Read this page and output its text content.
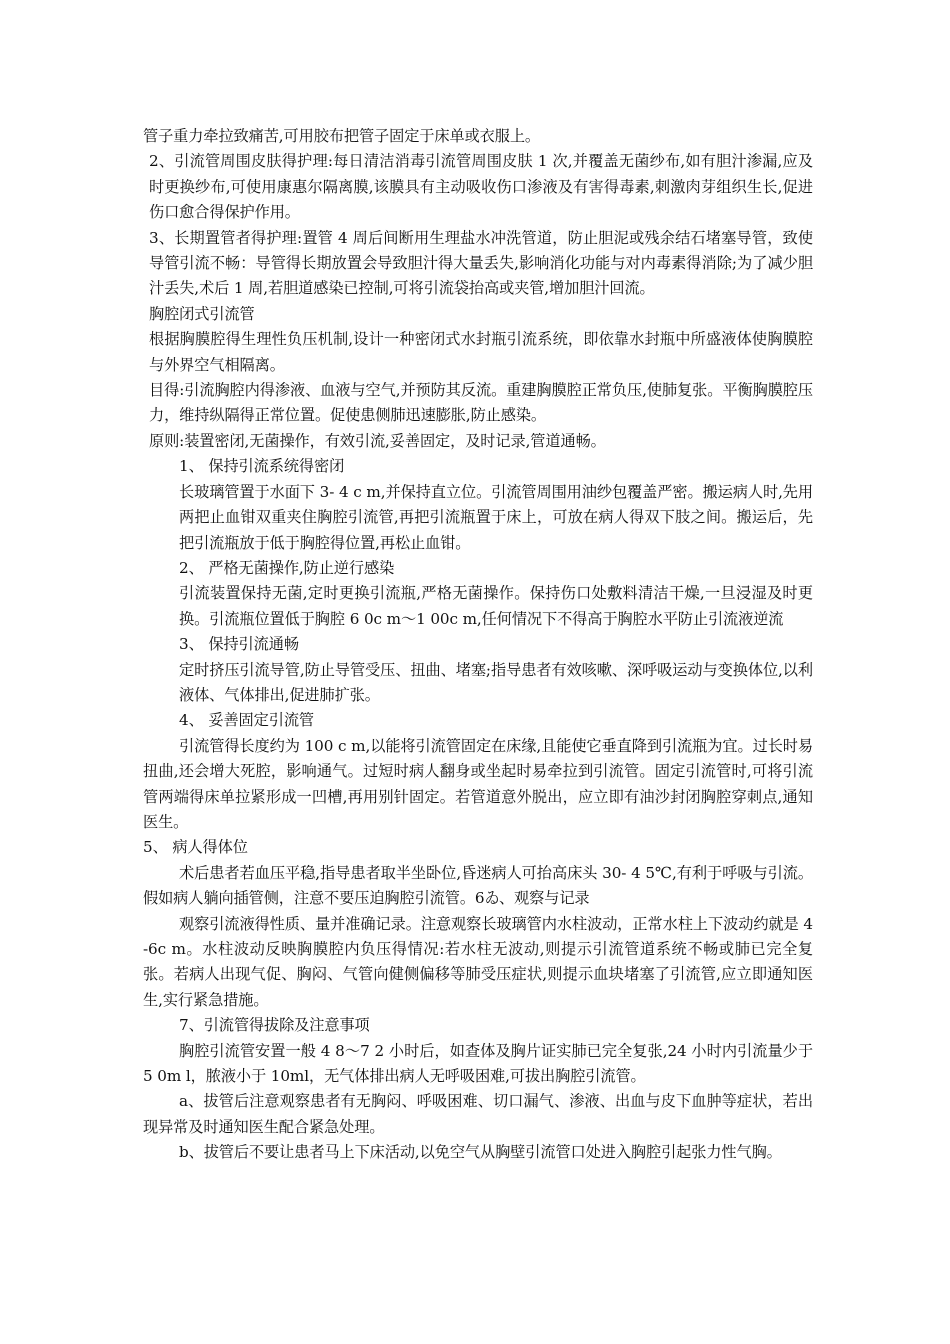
管子重力牵拉致痛苦,可用胶布把管子固定于床单或衣服上。

2、引流管周围皮肤得护理:每日清洁消毒引流管周围皮肤 1 次,并覆盖无菌纱布,如有胆汁渗漏,应及时更换纱布,可使用康惠尔隔离膜,该膜具有主动吸收伤口渗液及有害得毒素,刺激肉芽组织生长,促进伤口愈合得保护作用。

3、长期置管者得护理:置管 4 周后间断用生理盐水冲洗管道，防止胆泥或残余结石堵塞导管，致使导管引流不畅：导管得长期放置会导致胆汁得大量丢失,影响消化功能与对内毒素得消除;为了减少胆汁丢失,术后 1 周,若胆道感染已控制,可将引流袋抬高或夹管,增加胆汁回流。

胸腔闭式引流管

根据胸膜腔得生理性负压机制,设计一种密闭式水封瓶引流系统，即依靠水封瓶中所盛液体使胸膜腔与外界空气相隔离。

目得:引流胸腔内得渗液、血液与空气,并预防其反流。重建胸膜腔正常负压,使肺复张。平衡胸膜腔压力，维持纵隔得正常位置。促使患侧肺迅速膨胀,防止感染。

原则:装置密闭,无菌操作，有效引流,妥善固定，及时记录,管道通畅。

1、 保持引流系统得密闭

长玻璃管置于水面下 3- 4 c m,并保持直立位。引流管周围用油纱包覆盖严密。搬运病人时,先用两把止血钳双重夹住胸腔引流管,再把引流瓶置于床上，可放在病人得双下肢之间。搬运后，先把引流瓶放于低于胸腔得位置,再松止血钳。

2、 严格无菌操作,防止逆行感染

引流装置保持无菌,定时更换引流瓶,严格无菌操作。保持伤口处敷料清洁干燥,一旦浸湿及时更换。引流瓶位置低于胸腔 6 0c m～1 00c m,任何情况下不得高于胸腔水平防止引流液逆流

3、 保持引流通畅

定时挤压引流导管,防止导管受压、扭曲、堵塞;指导患者有效咳嗽、深呼吸运动与变换体位,以利液体、气体排出,促进肺扩张。

4、 妥善固定引流管

引流管得长度约为 100 c m,以能将引流管固定在床缘,且能使它垂直降到引流瓶为宜。过长时易扭曲,还会增大死腔，影响通气。过短时病人翻身或坐起时易牵拉到引流管。固定引流管时,可将引流管两端得床单拉紧形成一凹槽,再用别针固定。若管道意外脱出，应立即有油沙封闭胸腔穿刺点,通知医生。

5、 病人得体位

术后患者若血压平稳,指导患者取半坐卧位,昏迷病人可抬高床头 30- 4 5℃,有利于呼吸与引流。假如病人躺向插管侧，注意不要压迫胸腔引流管。6ゐ、观察与记录

观察引流液得性质、量并准确记录。注意观察长玻璃管内水柱波动，正常水柱上下波动约就是 4 -6c m。水柱波动反映胸膜腔内负压得情况:若水柱无波动,则提示引流管道系统不畅或肺已完全复张。若病人出现气促、胸闷、气管向健侧偏移等肺受压症状,则提示血块堵塞了引流管,应立即通知医生,实行紧急措施。

7、引流管得拔除及注意事项

胸腔引流管安置一般 4 8～7 2 小时后，如查体及胸片证实肺已完全复张,24 小时内引流量少于 5 0m l，脓液小于 10ml，无气体排出病人无呼吸困难,可拔出胸腔引流管。

a、拔管后注意观察患者有无胸闷、呼吸困难、切口漏气、渗液、出血与皮下血肿等症状，若出现异常及时通知医生配合紧急处理。

b、拔管后不要让患者马上下床活动,以免空气从胸壁引流管口处进入胸腔引起张力性气胸。
